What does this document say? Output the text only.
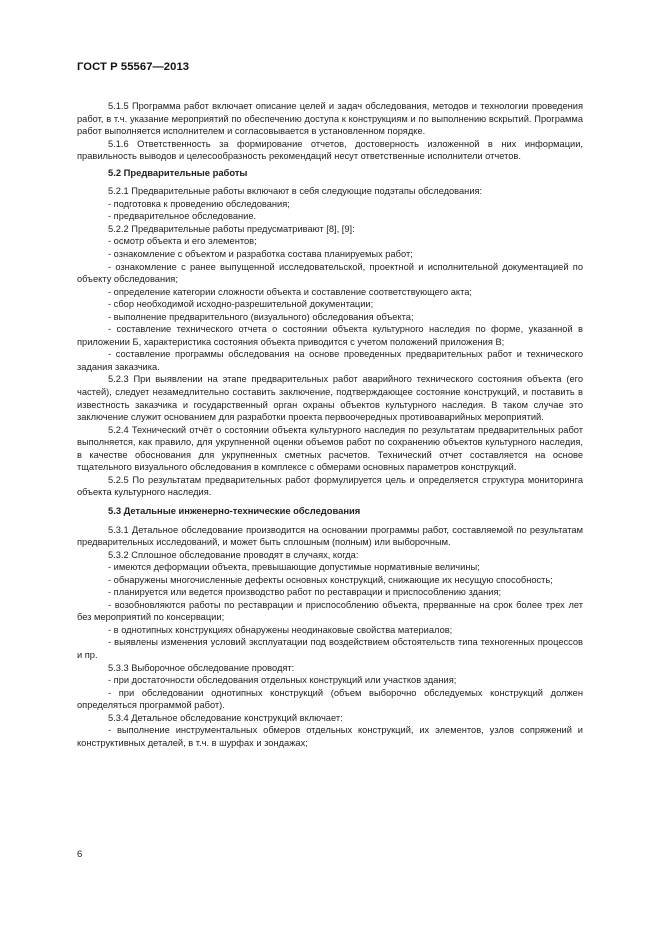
ГОСТ Р 55567—2013

5.1.5 Программа работ включает описание целей и задач обследования, методов и технологии проведения работ, в т.ч. указание мероприятий по обеспечению доступа к конструкциям и по выполнению вскрытий. Программа работ выполняется исполнителем и согласовывается в установленном порядке.

5.1.6 Ответственность за формирование отчетов, достоверность изложенной в них информации, правильность выводов и целесообразность рекомендаций несут ответственные исполнители отчетов.

5.2 Предварительные работы

5.2.1 Предварительные работы включают в себя следующие подэтапы обследования:

- подготовка к проведению обследования;

- предварительное обследование.

5.2.2 Предварительные работы предусматривают [8], [9]:

- осмотр объекта и его элементов;

- ознакомление с объектом и разработка состава планируемых работ;

- ознакомление с ранее выпущенной исследовательской, проектной и исполнительной документацией по объекту обследования;

- определение категории сложности объекта и составление соответствующего акта;

- сбор необходимой исходно-разрешительной документации;

- выполнение предварительного (визуального) обследования объекта;

- составление технического отчета о состоянии объекта культурного наследия по форме, указанной в приложении Б, характеристика состояния объекта приводится с учетом положений приложения В;

- составление программы обследования на основе проведенных предварительных работ и технического задания заказчика.

5.2.3 При выявлении на этапе предварительных работ аварийного технического состояния объекта (его частей), следует незамедлительно составить заключение, подтверждающее состояние конструкций, и поставить в известность заказчика и государственный орган охраны объектов культурного наследия. В таком случае это заключение служит основанием для разработки проекта первоочередных противоаварийных мероприятий.

5.2.4 Технический отчёт о состоянии объекта культурного наследия по результатам предварительных работ выполняется, как правило, для укрупненной оценки объемов работ по сохранению объектов культурного наследия, в качестве обоснования для укрупненных сметных расчетов. Технический отчет составляется на основе тщательного визуального обследования в комплексе с обмерами основных параметров конструкций.

5.2.5 По результатам предварительных работ формулируется цель и определяется структура мониторинга объекта культурного наследия.

5.3 Детальные инженерно-технические обследования

5.3.1 Детальное обследование производится на основании программы работ, составляемой по результатам предварительных исследований, и может быть сплошным (полным) или выборочным.

5.3.2 Сплошное обследование проводят в случаях, когда:

- имеются деформации объекта, превышающие допустимые нормативные величины;

- обнаружены многочисленные дефекты основных конструкций, снижающие их несущую способность;

- планируется или ведется производство работ по реставрации и приспособлению здания;

- возобновляются работы по реставрации и приспособлению объекта, прерванные на срок более трех лет без мероприятий по консервации;

- в однотипных конструкциях обнаружены неодинаковые свойства материалов;

- выявлены изменения условий эксплуатации под воздействием обстоятельств типа техногенных процессов и пр.

5.3.3 Выборочное обследование проводят:

- при достаточности обследования отдельных конструкций или участков здания;

- при обследовании однотипных конструкций (объем выборочно обследуемых конструкций должен определяться программой работ).

5.3.4 Детальное обследование конструкций включает:

- выполнение инструментальных обмеров отдельных конструкций, их элементов, узлов сопряжений и конструктивных деталей, в т.ч. в шурфах и зондажах;

6
